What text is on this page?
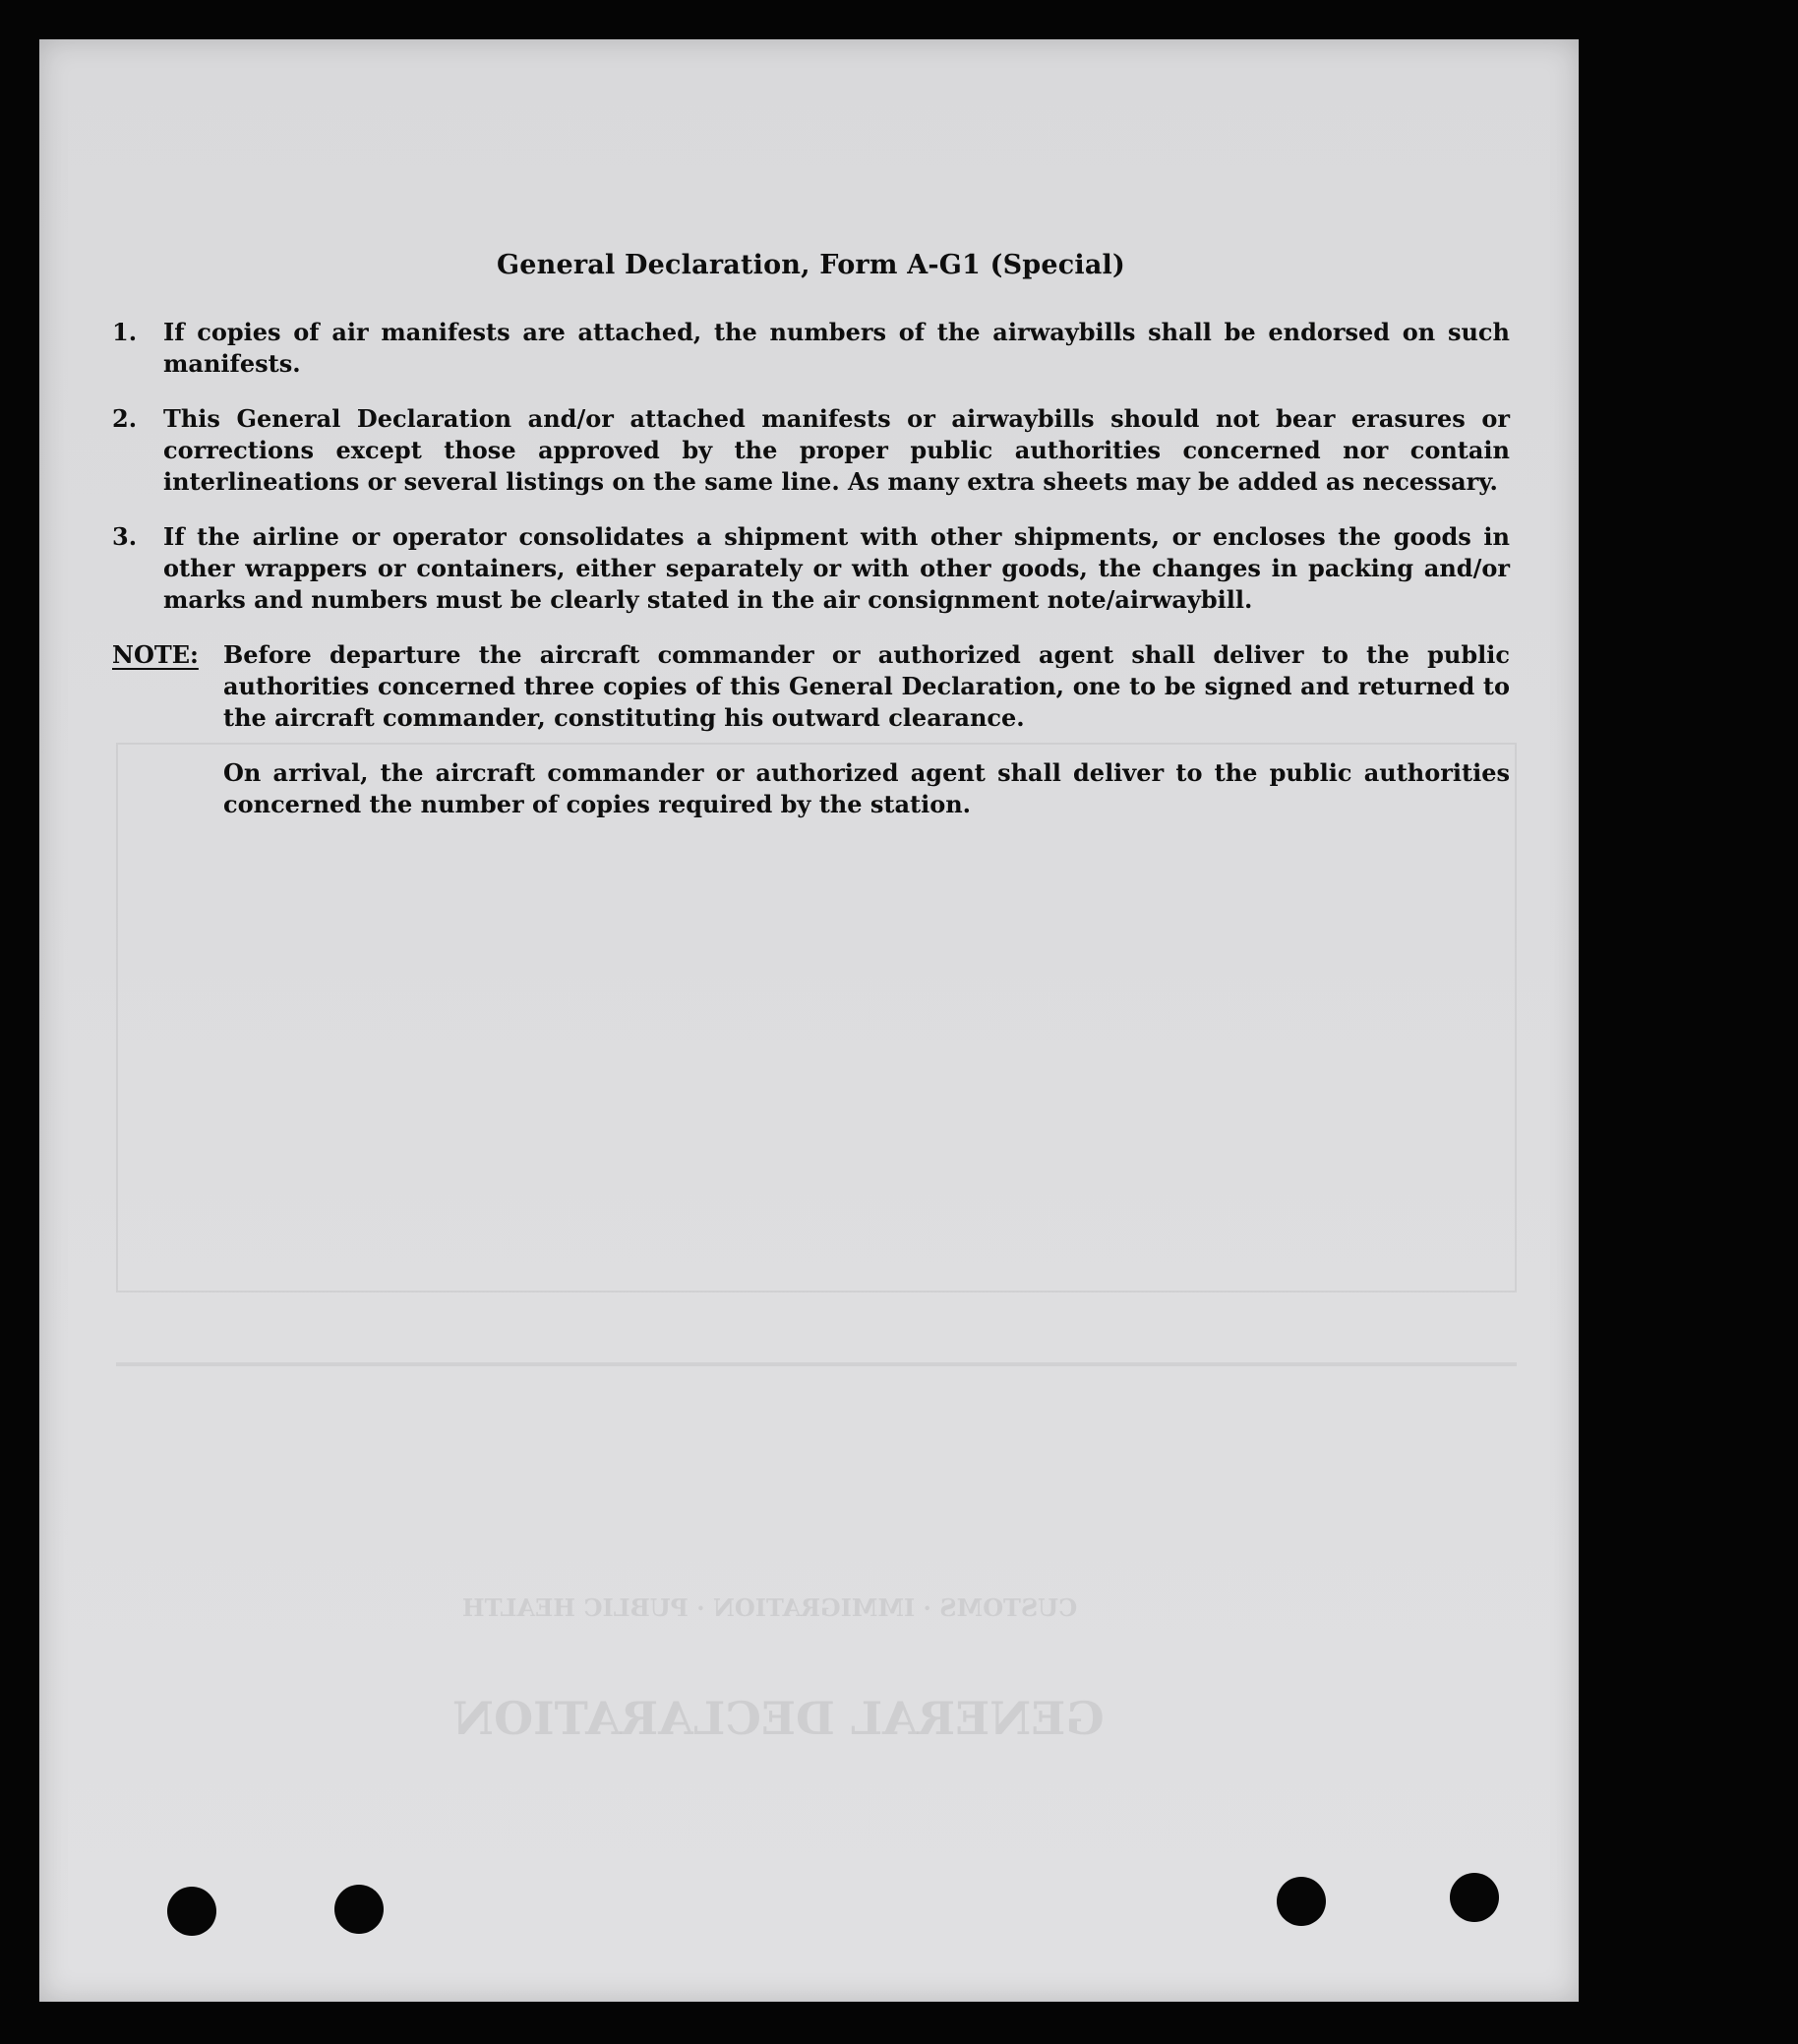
GENERAL DECLARATION
CUSTOMS · IMMIGRATION · PUBLIC HEALTH
General Declaration, Form A-G1 (Special)
1.	If copies of air manifests are attached, the numbers of the airwaybills shall be endorsed on such manifests.
2.	This General Declaration and/or attached manifests or airwaybills should not bear erasures or corrections except those approved by the proper public authorities concerned nor contain interlineations or several listings on the same line. As many extra sheets may be added as necessary.
3.	If the airline or operator consolidates a shipment with other shipments, or encloses the goods in other wrappers or containers, either separately or with other goods, the changes in packing and/or marks and numbers must be clearly stated in the air consignment note/airwaybill.
NOTE:	Before departure the aircraft commander or authorized agent shall deliver to the public authorities concerned three copies of this General Declaration, one to be signed and returned to the aircraft commander, constituting his outward clearance.

On arrival, the aircraft commander or authorized agent shall deliver to the public authorities concerned the number of copies required by the station.
